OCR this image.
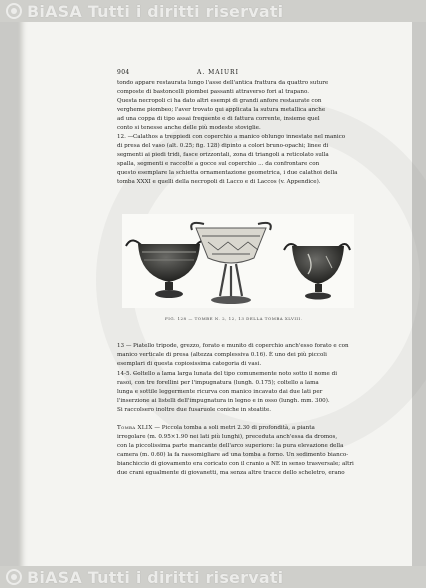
BiASA Tutti i diritti riservati
904	A. MAIURI
tondo appare restaurata lungo l'asse dell'antica frattura da quattro suture
composte di bastoncelli piombei passanti attraverso fori al trapano.
Questa necropoli ci ha dato altri esempi di grandi anfore restaurate con
vergheme piombeo; l'aver trovato qui applicata la sutura metallica anche
ad una coppa di tipo assai frequente e di fattura corrente, insieme quel
conto si tenesse anche delle più modeste stoviglie.
12. —Calathos a treppiedi con coperchio a manico oblungo innestate nel manico
di presa del vaso (alt. 0.25; fig. 128) dipinto a colori bruno-opachi; linee di
segmenti ai piedi tridi, fasce orizzontali, zona di triangoli a reticolato sulla
spalla, segmenti e raccolte a gocce sul coperchio ... da confrontare con
questo esemplare la schietta ornamentazione geometrica, i due calathoi della
tomba XXXI e quelli della necropoli di Lacco e di Laccos (v. Appendice).
FIG. 128 — TOMBE N. 2, 12, 13 DELLA TOMBA XLVIII.
13 — Piatello tripode, grezzo, forato e munito di coperchio anch'esso forato e con
manico verticale di presa (altezza complessiva 0.16). È uno dei più piccoli
esemplari di questa copiosissima categoria di vasi.
14-5. —Coltello a lama larga lunata del tipo comunemente noto sotto il nome di
rasoi, con tre forellini per l'impugnatura (lungh. 0.175); coltello a lama
lunga e sottile leggermente ricurva con manico incavato dai due lati per
l'inserzione ai listelli dell'impugnatura in legno e in osso (lungh. mm. 300).
Si raccolsero inoltre due fusaruole coniche in steatite.
Tomba XLIX — Piccola tomba a soli metri 2.30 di profondità, a pianta
irregolare (m. 0.95×1.90 nei lati più lunghi), preceduta anch'essa da dromos,
con la piccolissima parte mancante dell'arco superiore: la pura elevazione della
camera (m. 0.60) la fa rassomigliare ad una tomba a forno. Un sedimento bianco-
bianchiccio di giovamento era coricato con il cranio a NE in senso trasversale; altri
due crani egualmente di giovanetti, ma senza altre tracce dello scheletro, erano
BiASA Tutti i diritti riservati
